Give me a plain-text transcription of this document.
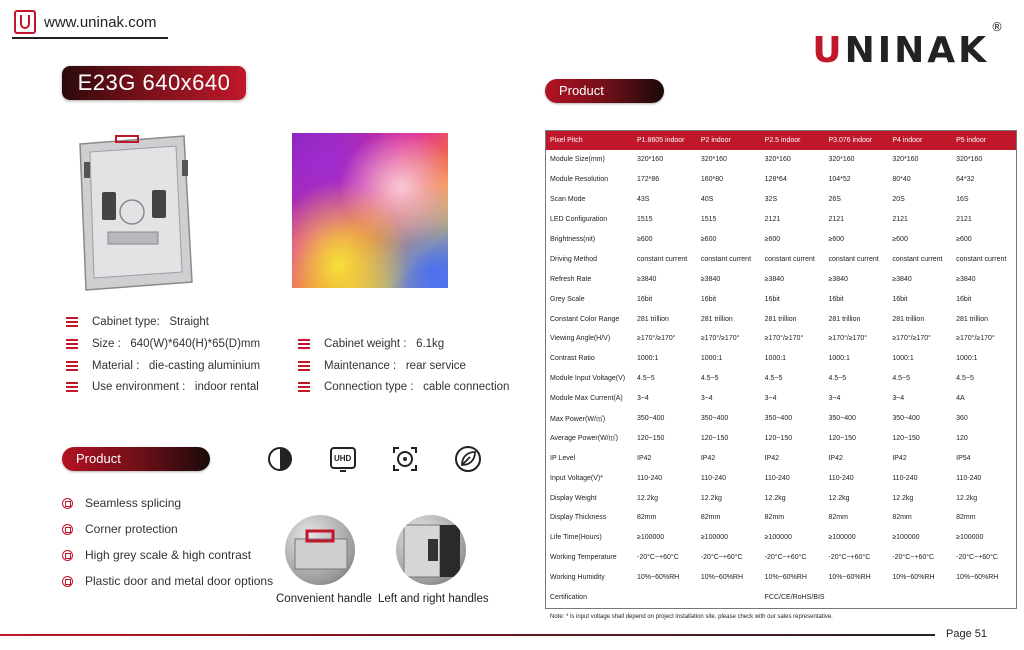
www.uninak.com
UNINAK®
E23G 640x640
Cabinet type: Straight
Size : 640(W)*640(H)*65(D)mm
Material : die-casting aluminium
Use environment : indoor rental
Cabinet weight : 6.1kg
Maintenance : rear service
Connection type : cable connection
Product Characteristics
UHD
Seamless splicing
Corner protection
High grey scale & high contrast
Plastic door and metal door options
Convenient handle Left and right handles
Product Parameter
Pixel Pitch	P1.8605 indoor	P2 indoor	P2.5 indoor	P3.076 indoor	P4 indoor	P5 indoor
Module Size(mm)	320*160	320*160	320*160	320*160	320*160	320*160
Module Resolution	172*86	160*80	128*64	104*52	80*40	64*32
Scan Mode	43S	40S	32S	26S	20S	16S
LED Configuration	1515	1515	2121	2121	2121	2121
Brightness(nit)	≥600	≥600	≥600	≥600	≥600	≥600
Driving Method	constant current	constant current	constant current	constant current	constant current	constant current
Refresh Rate	≥3840	≥3840	≥3840	≥3840	≥3840	≥3840
Grey Scale	16bit	16bit	16bit	16bit	16bit	16bit
Constant Color Range	281 trillion	281 trillion	281 trillion	281 trillion	281 trillion	281 trillion
Viewing Angle(H/V)	≥170°/≥170°	≥170°/≥170°	≥170°/≥170°	≥170°/≥170°	≥170°/≥170°	≥170°/≥170°
Contrast Ratio	1000:1	1000:1	1000:1	1000:1	1000:1	1000:1
Module Input Voltage(V)	4.5~5	4.5~5	4.5~5	4.5~5	4.5~5	4.5~5
Module Max Current(A)	3~4	3~4	3~4	3~4	3~4	4A
Max Power(W/㎡)	350~400	350~400	350~400	350~400	350~400	360
Average Power(W/㎡)	120~150	120~150	120~150	120~150	120~150	120
IP Level	IP42	IP42	IP42	IP42	IP42	IP54
Input Voltage(V)*	110-240	110-240	110-240	110-240	110-240	110-240
Display Weight	12.2kg	12.2kg	12.2kg	12.2kg	12.2kg	12.2kg
Display Thickness	82mm	82mm	82mm	82mm	82mm	82mm
Life Time(Hours)	≥100000	≥100000	≥100000	≥100000	≥100000	≥100000
Working Temperature	-20°C~+60°C	-20°C~+60°C	-20°C~+60°C	-20°C~+60°C	-20°C~+60°C	-20°C~+60°C
Working Humidity	10%~60%RH	10%~60%RH	10%~60%RH	10%~60%RH	10%~60%RH	10%~60%RH
Certification			FCC/CE/RoHS/BIS			
Note: * is input voltage shall depend on project installation site, please check with our sales representative.
Page 51
